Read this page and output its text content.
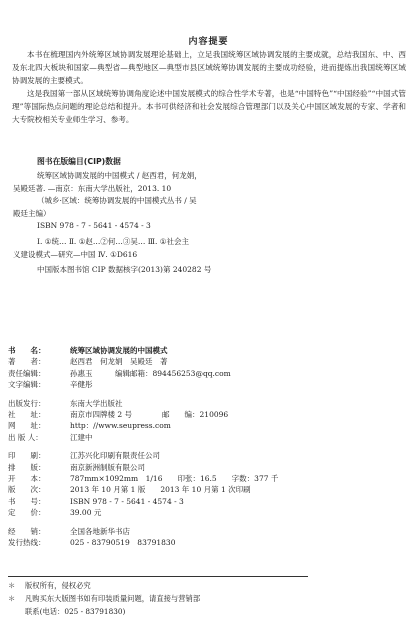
内容提要

本书在梳理国内外统筹区域协调发展理论基础上，立足我国统筹区域协调发展的主要成就，总结我国东、中、西及东北四大板块和国家—典型省—典型地区—典型市县区域统筹协调发展的主要成功经验，进而提炼出我国统筹区域协调发展的主要模式。

这是我国第一部从区域统筹协调角度论述中国发展模式的综合性学术专著，也是“中国特色”“中国经验”“中国式管理”等国际热点问题的理论总结和提升。本书可供经济和社会发展综合管理部门以及关心中国区域发展的专家、学者和大专院校相关专业师生学习、参考。

图书在版编目(CIP)数据
统筹区域协调发展的中国模式 / 赵西君，何龙娟，
吴殿廷著. —南京：东南大学出版社，2013. 10
（城乡·区域：统筹协调发展的中国模式丛书 / 吴
殿廷主编）
ISBN 978 - 7 - 5641 - 4574 - 3
Ⅰ. ①统… Ⅱ. ①赵…②何…③吴… Ⅲ. ①社会主
义建设模式—研究—中国 Ⅳ. ①D616
中国版本图书馆 CIP 数据核字(2013)第 240282 号
书　　名：	统筹区域协调发展的中国模式
著　　者：	赵西君　何龙娟　吴殿廷　著
责任编辑：	孙惠玉　　　编辑邮箱：894456253@qq.com
文字编辑：	辛健彤
出版发行：	东南大学出版社
社　　址：	南京市四牌楼 2 号　　　　邮　　编：210096
网　　址：	http：//www.seupress.com
出 版 人：	江建中
印　　刷：	江苏兴化印刷有限责任公司
排　　版：	南京新洲制版有限公司
开　　本：	787mm×1092mm　1/16　　印张：16.5　　字数：377 千
版　　次：	2013 年 10 月第 1 版　　2013 年 10 月第 1 次印刷
书　　号：	ISBN 978 - 7 - 5641 - 4574 - 3
定　　价：	39.00 元
经　　销：	全国各地新华书店
发行热线：	025 - 83790519　83791830
＊	版权所有，侵权必究
＊	凡购买东大版图书如有印装质量问题，请直接与营销部
联系(电话：025 - 83791830)
